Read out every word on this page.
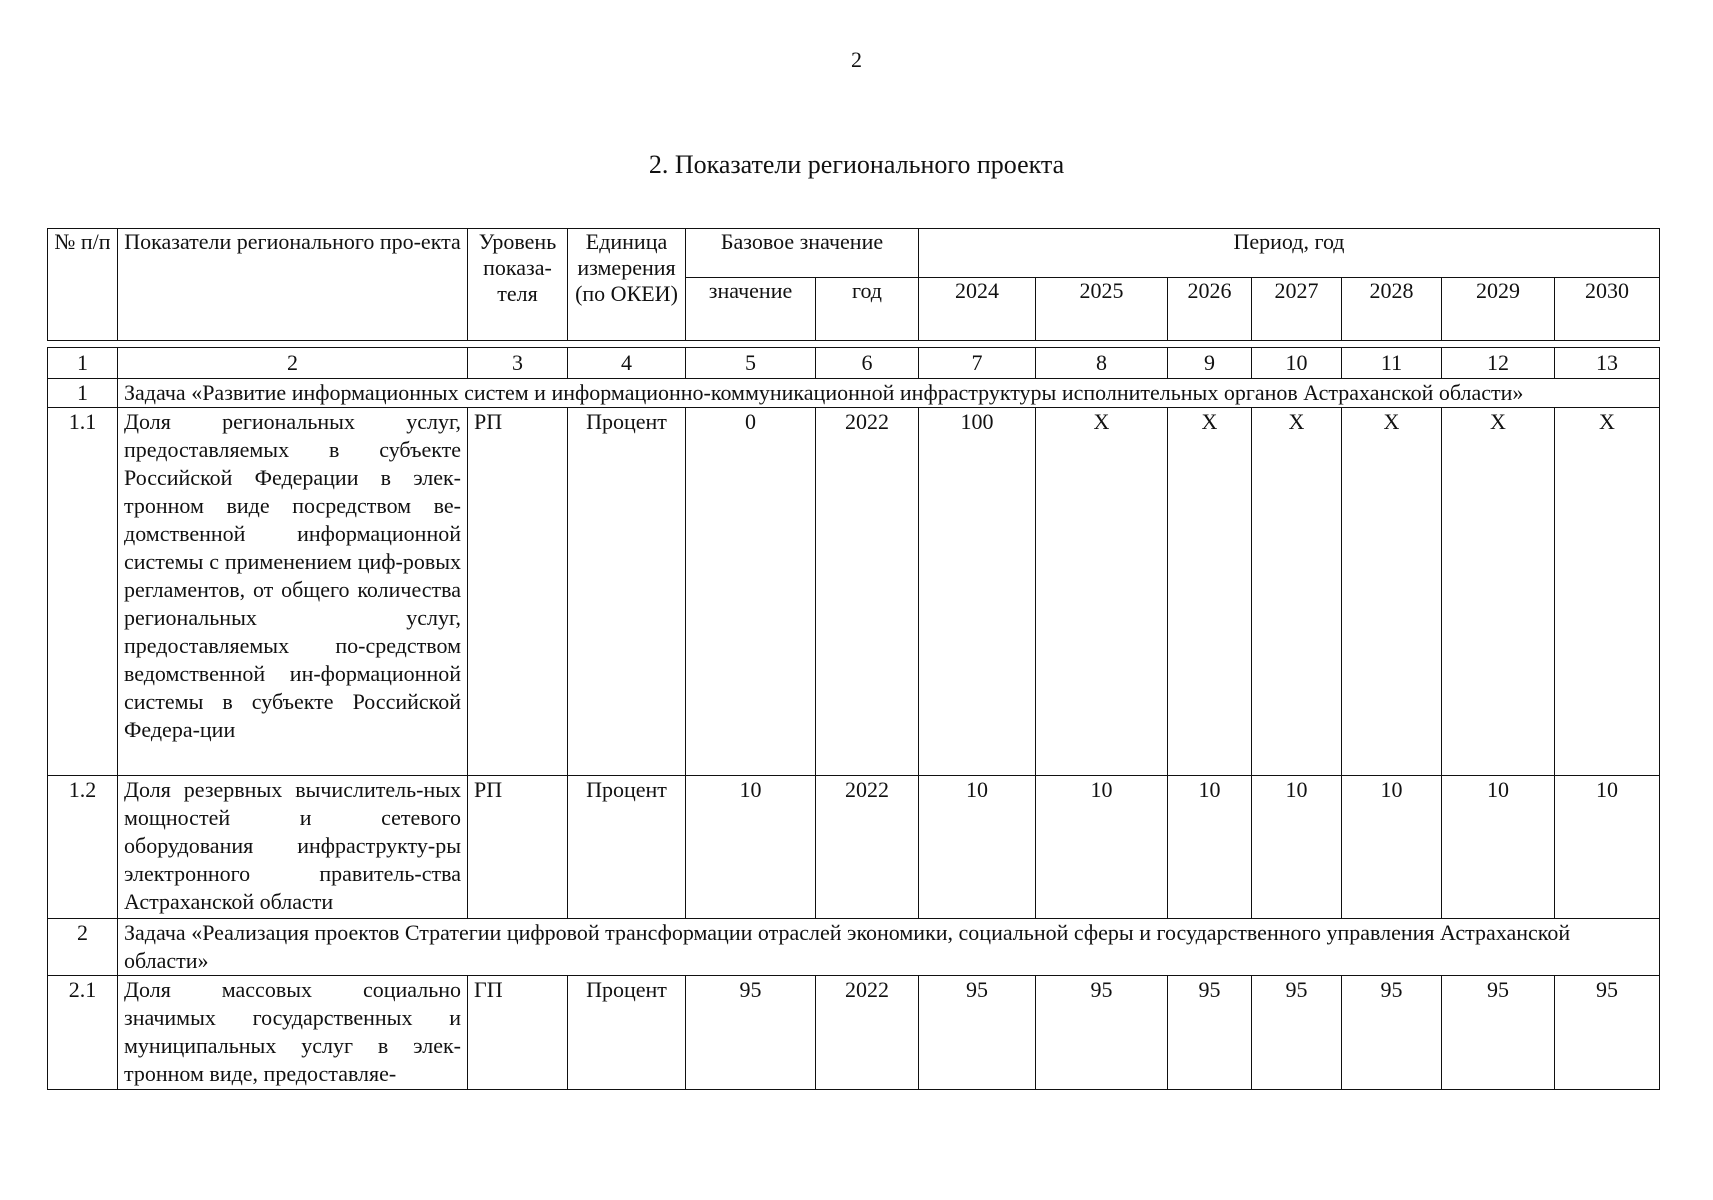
2
2. Показатели регионального проекта
№ п/п	Показатели регионального про-екта	Уровень показа-теля	Единица измерения (по ОКЕИ)	Базовое значение		Период, год						
				значение	год	2024	2025	2026	2027	2028	2029	2030

1	2	3	4	5	6	7	8	9	10	11	12	13
1	Задача «Развитие информационных систем и информационно-коммуникационной инфраструктуры исполнительных органов Астраханской области»											
1.1	Доля региональных услуг, предоставляемых в субъекте Российской Федерации в элек-тронном виде посредством ве-домственной информационной системы с применением циф-ровых регламентов, от общего количества региональных услуг, предоставляемых по-средством ведомственной ин-формационной системы в субъекте Российской Федера-ции	РП	Процент	0	2022	100	Х	Х	Х	Х	Х	Х
1.2	Доля резервных вычислитель-ных мощностей и сетевого оборудования инфраструкту-ры электронного правитель-ства Астраханской области	РП	Процент	10	2022	10	10	10	10	10	10	10
2	Задача «Реализация проектов Стратегии цифровой трансформации отраслей экономики, социальной сферы и государственного управления Астраханской области»											
2.1	Доля массовых социально значимых государственных и муниципальных услуг в элек-тронном виде, предоставляе-	ГП	Процент	95	2022	95	95	95	95	95	95	95
